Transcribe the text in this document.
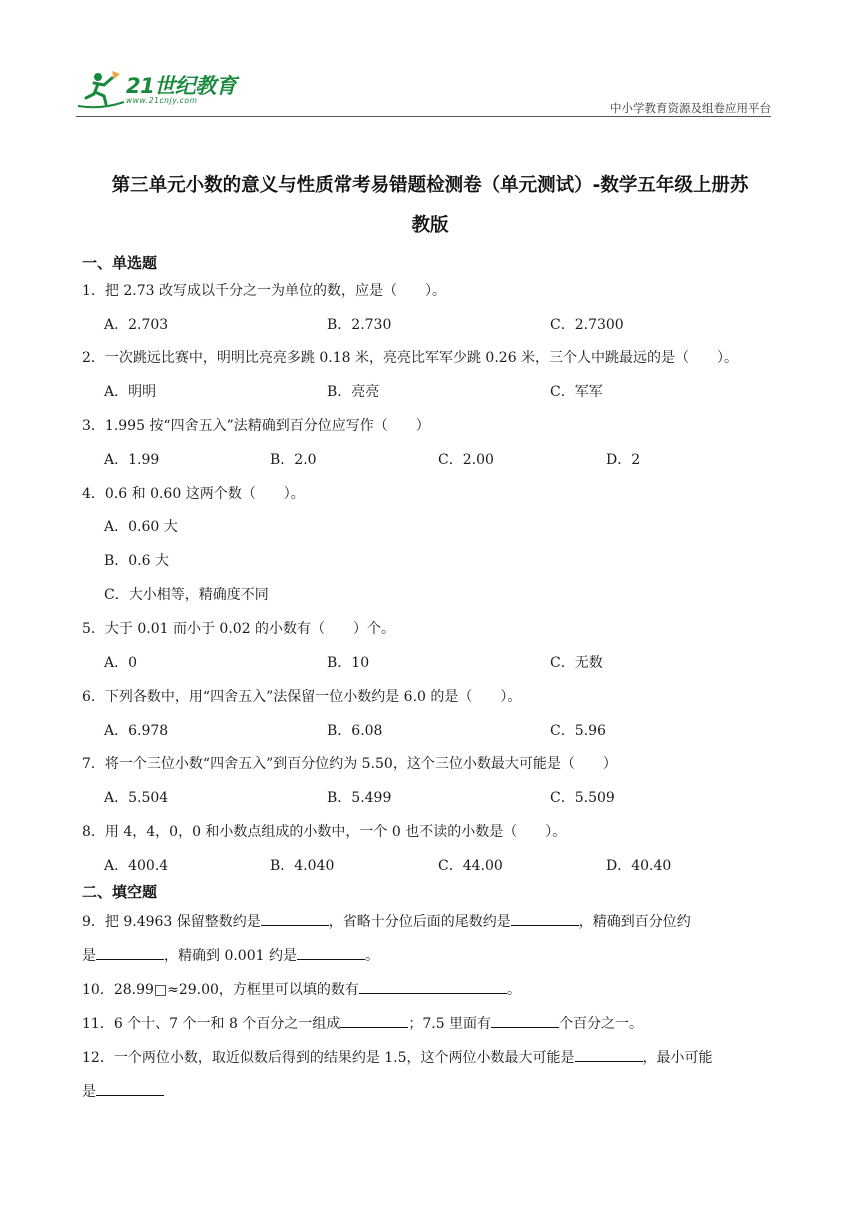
21世纪教育
www.21cnjy.com
中小学教育资源及组卷应用平台
第三单元小数的意义与性质常考易错题检测卷（单元测试）-数学五年级上册苏
教版
一、单选题
1．把 2.73 改写成以千分之一为单位的数，应是（　　）。
A．2.703	B．2.730	C．2.7300
2．一次跳远比赛中，明明比亮亮多跳 0.18 米，亮亮比军军少跳 0.26 米，三个人中跳最远的是（　　）。
A．明明	B．亮亮	C．军军
3．1.995 按“四舍五入”法精确到百分位应写作（　　）
A．1.99	B．2.0	C．2.00	D．2
4．0.6 和 0.60 这两个数（　　）。
A．0.60 大
B．0.6 大
C．大小相等，精确度不同
5．大于 0.01 而小于 0.02 的小数有（　　）个。
A．0	B．10	C．无数
6．下列各数中，用“四舍五入”法保留一位小数约是 6.0 的是（　　）。
A．6.978	B．6.08	C．5.96
7．将一个三位小数“四舍五入”到百分位约为 5.50，这个三位小数最大可能是（　　）
A．5.504	B．5.499	C．5.509
8．用 4，4，0，0 和小数点组成的小数中，一个 0 也不读的小数是（　　）。
A．400.4	B．4.040	C．44.00	D．40.40
二、填空题
9．把 9.4963 保留整数约是	，省略十分位后面的尾数约是	，精确到百分位约
是	，精确到 0.001 约是	。
10．28.99□≈29.00，方框里可以填的数有	。
11．6 个十、7 个一和 8 个百分之一组成	；7.5 里面有	个百分之一。
12．一个两位小数，取近似数后得到的结果约是 1.5，这个两位小数最大可能是	，最小可能
是
